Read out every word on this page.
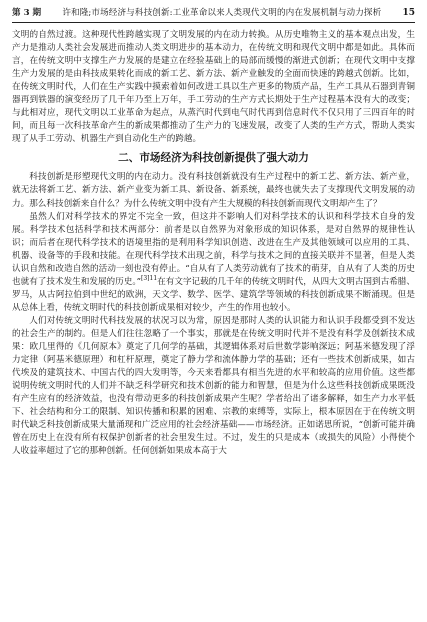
第 3 期	许和隆;市场经济与科技创新:工业革命以来人类现代文明的内在发展机制与动力探析	15

文明的自然过渡。这种现代性跨越实现了文明发展的内在动力转换。从历史唯物主义的基本观点出发，生产力是推动人类社会发展进而推动人类文明进步的基本动力，在传统文明和现代文明中都是如此。具体而言，在传统文明中支撑生产力发展的是建立在经验基础上的局部而缓慢的渐进式创新；在现代文明中支撑生产力发展的是由科技成果转化而成的新工艺、新方法、新产业触发的全面而快速的跨越式创新。比如，在传统文明时代，人们在生产实践中摸索着如何改进工具以生产更多的物质产品，生产工具从石器到青铜器再到铁器的演变经历了几千年乃至上万年，手工劳动的生产方式长期处于生产过程基本没有大的改变；与此相对应，现代文明以工业革命为起点，从蒸汽时代到电气时代再到信息时代不仅只用了三四百年的时间，而且每一次科技革命产生的新成果都推动了生产力的飞速发展，改变了人类的生产方式，帮助人类实现了从手工劳动、机器生产到自动化生产的跨越。

二、市场经济为科技创新提供了强大动力

科技创新是形塑现代文明的内在动力。没有科技创新就没有生产过程中的新工艺、新方法、新产业，就无法将新工艺、新方法、新产业变为新工具、新设备、新系统，最终也就失去了支撑现代文明发展的动力。那么科技创新来自什么？为什么传统文明中没有产生大规模的科技创新而现代文明却产生了？

虽然人们对科学技术的界定不完全一致，但这并不影响人们对科学技术的认识和科学技术自身的发展。科学技术包括科学和技术两部分：前者是以自然界为对象形成的知识体系，是对自然界的规律性认识；而后者在现代科学技术的语境里指的是利用科学知识创造、改进在生产及其他领域可以应用的工具、机器、设备等的手段和技能。在现代科学技术出现之前，科学与技术之间的直接关联并不显著，但是人类认识自然和改造自然的活动一刻也没有停止。“自从有了人类劳动就有了技术的萌芽，自从有了人类的历史也就有了技术发生和发展的历史。”$^{[3]11}$在有文字记载的几千年的传统文明时代，从四大文明古国到古希腊、罗马，从古阿拉伯到中世纪的欧洲，天文学、数学、医学、建筑学等领域的科技创新成果不断涌现。但是从总体上看，传统文明时代的科技创新成果相对较少，产生的作用也较小。

人们对传统文明时代科技发展的状况习以为常，原因是那时人类的认识能力和认识手段都受到不发达的社会生产的制约。但是人们往往忽略了一个事实，那就是在传统文明时代并不是没有科学及创新技术成果：欧几里得的《几何原本》奠定了几何学的基础，其逻辑体系对后世数学影响深远；阿基米德发现了浮力定律（阿基米德原理）和杠杆原理，奠定了静力学和流体静力学的基础；还有一些技术创新成果，如古代埃及的建筑技术、中国古代的四大发明等，今天来看都具有相当先进的水平和较高的应用价值。这些都说明传统文明时代的人们并不缺乏科学研究和技术创新的能力和智慧，但是为什么这些科技创新成果既没有产生应有的经济效益，也没有带动更多的科技创新成果产生呢？学者给出了诸多解释，如生产力水平低下、社会结构和分工的限制、知识传播和积累的困难、宗教的束缚等，实际上，根本原因在于在传统文明时代缺乏科技创新成果大量涌现和广泛应用的社会经济基础——市场经济。正如诺思所说，“创新可能并确曾在历史上在没有所有权保护创新者的社会里发生过。不过，发生的只是成本（或损失的风险）小得使个人收益率超过了它的那种创新。任何创新如果成本高于大
